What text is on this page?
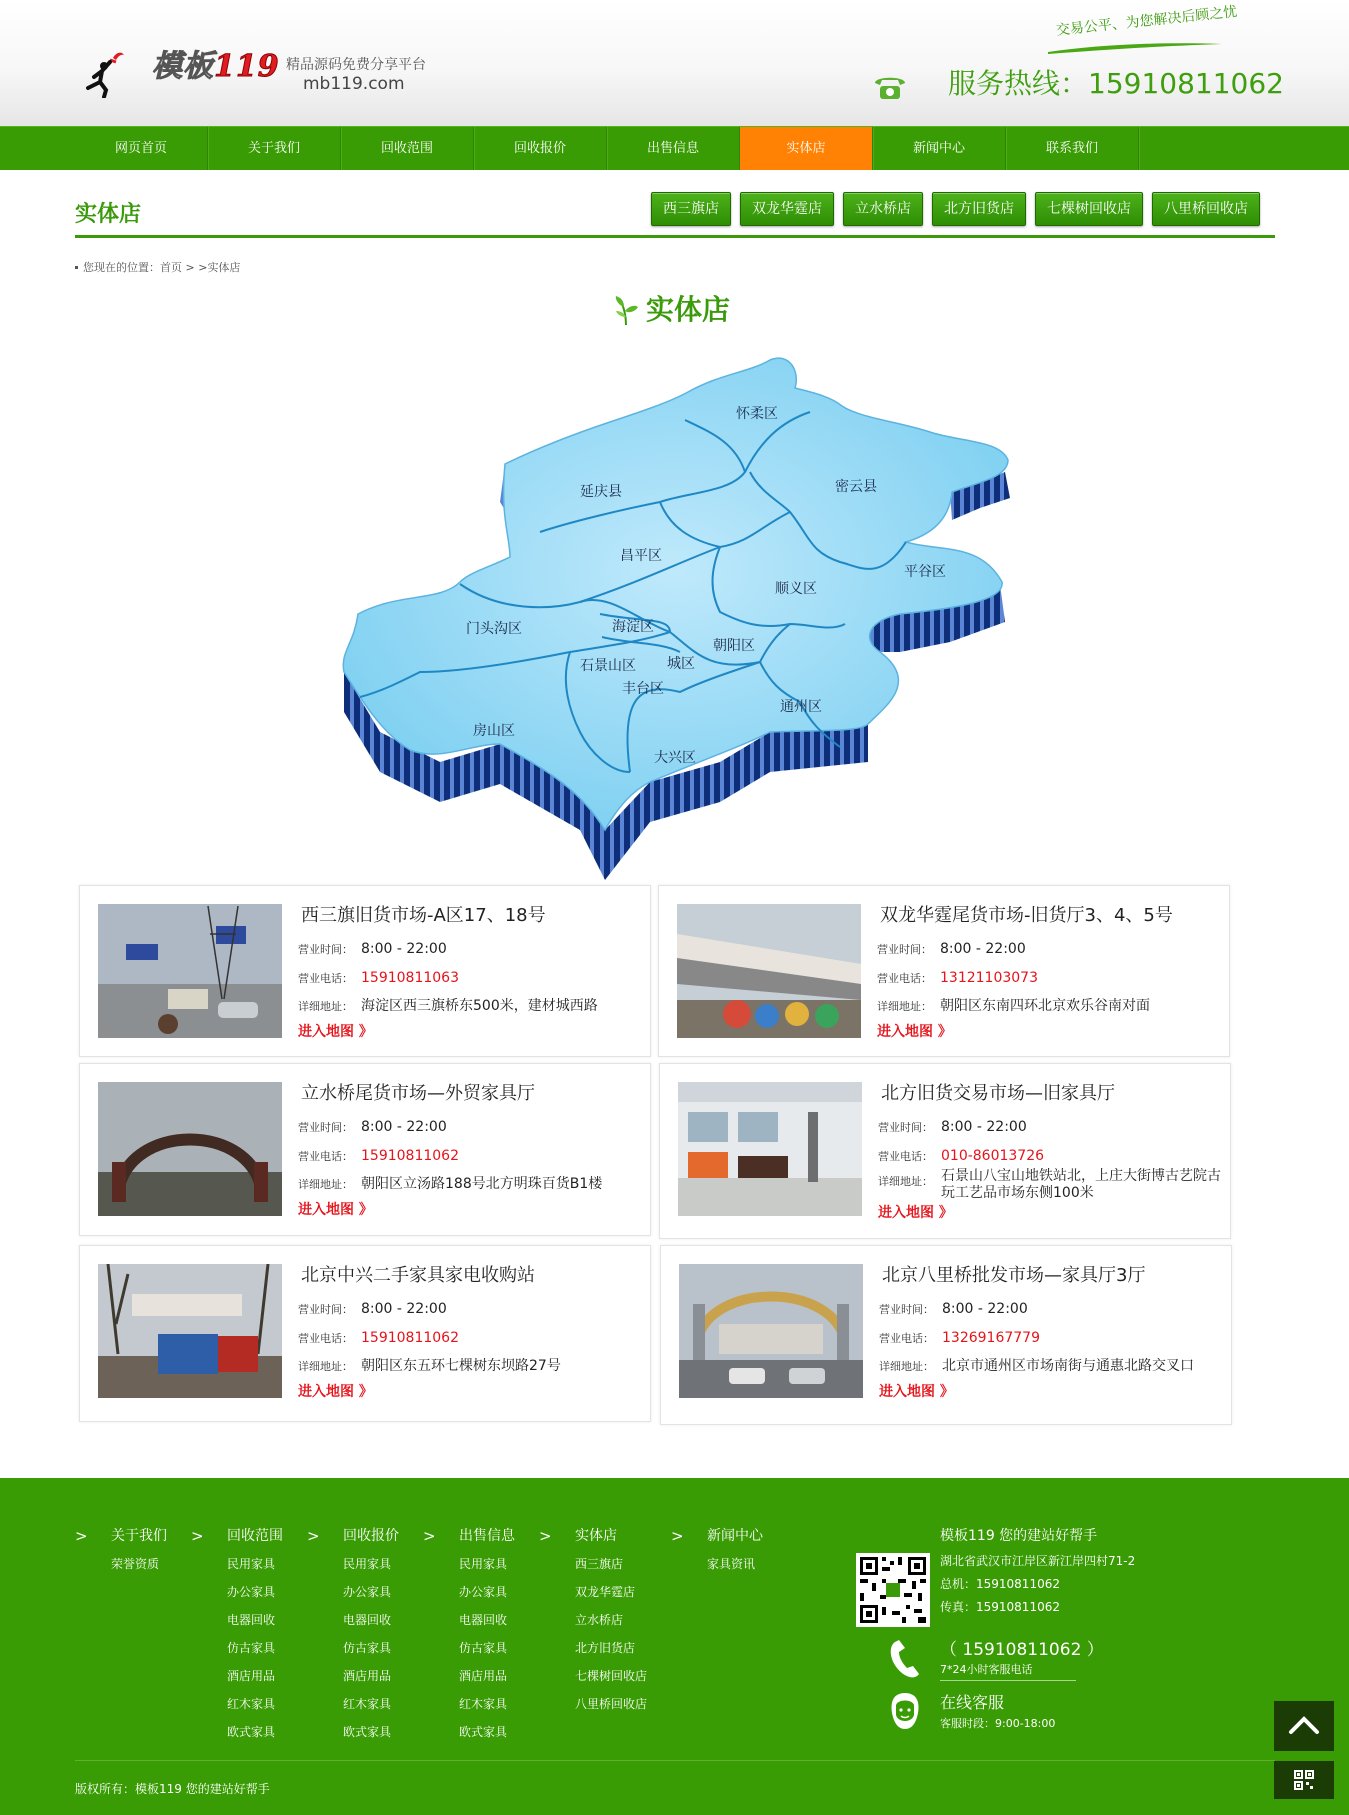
模板119 精品源码免费分享平台
mb119.com
交易公平、为您解决后顾之忧
服务热线：15910811062
网页首页	关于我们	回收范围	回收报价	出售信息	实体店	新闻中心	联系我们
实体店	西三旗店	双龙华霆店	立水桥店	北方旧货店	七棵树回收店	八里桥回收店
您现在的位置：首页 > >实体店
实体店
怀柔区
延庆县	密云县
昌平区
顺义区
平谷区
门头沟区	海淀区
朝阳区
石景山区 城区
丰台区
房山区
通州区
大兴区
西三旗旧货市场-A区17、18号
营业时间： 8:00 - 22:00
营业电话： 15910811063
详细地址： 海淀区西三旗桥东500米，建材城西路
进入地图 》
双龙华霆尾货市场-旧货厅3、4、5号
营业时间： 8:00 - 22:00
营业电话： 13121103073
详细地址： 朝阳区东南四环北京欢乐谷南对面
进入地图 》
立水桥尾货市场—外贸家具厅
营业时间： 8:00 - 22:00
营业电话： 15910811062
详细地址： 朝阳区立汤路188号北方明珠百货B1楼
进入地图 》
北方旧货交易市场—旧家具厅
营业时间： 8:00 - 22:00
营业电话： 010-86013726
详细地址： 石景山八宝山地铁站北，上庄大街博古艺院古玩工艺品市场东侧100米
进入地图 》
北京中兴二手家具家电收购站
营业时间： 8:00 - 22:00
营业电话： 15910811062
详细地址： 朝阳区东五环七棵树东坝路27号
进入地图 》
北京八里桥批发市场—家具厅3厅
营业时间： 8:00 - 22:00
营业电话： 13269167779
详细地址： 北京市通州区市场南街与通惠北路交叉口
进入地图 》
> 关于我们
荣誉资质
> 回收范围
民用家具
办公家具
电器回收
仿古家具
酒店用品
红木家具
欧式家具
> 回收报价
民用家具
办公家具
电器回收
仿古家具
酒店用品
红木家具
欧式家具
> 出售信息
民用家具
办公家具
电器回收
仿古家具
酒店用品
红木家具
欧式家具
> 实体店
西三旗店
双龙华霆店
立水桥店
北方旧货店
七棵树回收店
八里桥回收店
> 新闻中心
家具资讯
模板119 您的建站好帮手
湖北省武汉市江岸区新江岸四村71-2
总机：15910811062
传真：15910811062
（ 15910811062 ）
7*24小时客服电话
在线客服
客服时段：9:00-18:00
版权所有：模板119 您的建站好帮手
